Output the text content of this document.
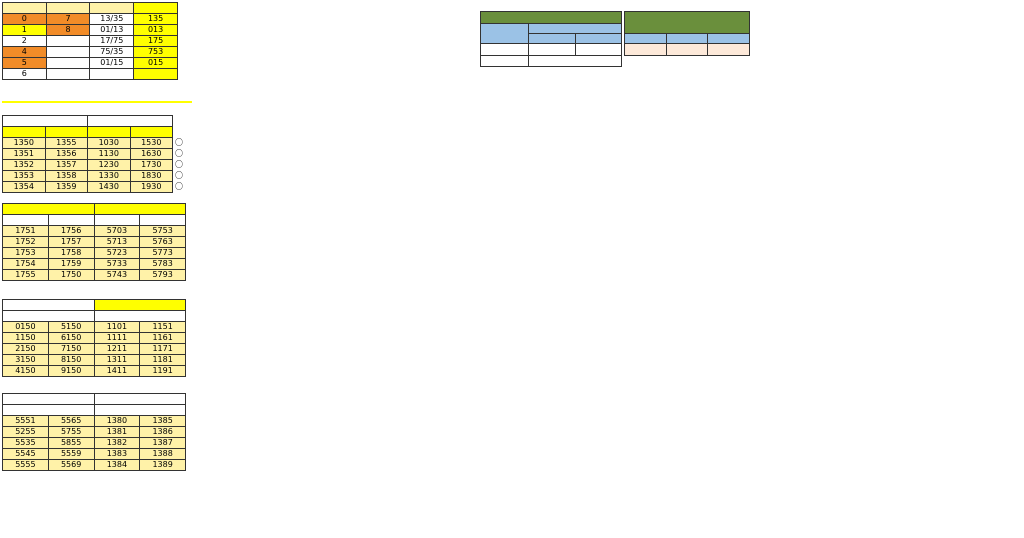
0	7	13/35	135
1	8	01/13	013
2		17/75	175
4		75/35	753
5		01/15	015
6			

1350	1355	1030	1530	〇
1351	1356	1130	1630	〇
1352	1357	1230	1730	〇
1353	1358	1330	1830	〇
1354	1359	1430	1930	〇

1751	1756	5703	5753
1752	1757	5713	5763
1753	1758	5723	5773
1754	1759	5733	5783
1755	1750	5743	5793

0150	5150	1101	1151
1150	6150	1111	1161
2150	7150	1211	1171
3150	8150	1311	1181
4150	9150	1411	1191

5551	5565	1380	1385
5255	5755	1381	1386
5535	5855	1382	1387
5545	5559	1383	1388
5555	5569	1384	1389
